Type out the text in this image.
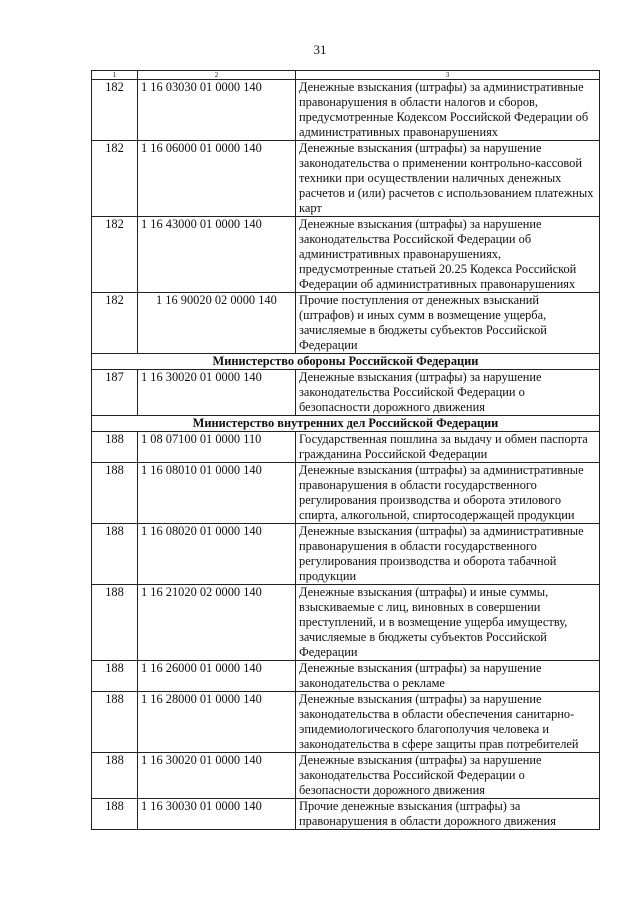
31
1	2	3
182	1 16 03030 01 0000 140	Денежные взыскания (штрафы) за административные правонарушения в области налогов и сборов, предусмотренные Кодексом Российской Федерации об административных правонарушениях
182	1 16 06000 01 0000 140	Денежные взыскания (штрафы) за нарушение законодательства о применении контрольно-кассовой техники при осуществлении наличных денежных расчетов и (или) расчетов с использованием платежных карт
182	1 16 43000 01 0000 140	Денежные взыскания (штрафы) за нарушение законодательства Российской Федерации об административных правонарушениях, предусмотренные статьей 20.25 Кодекса Российской Федерации об административных правонарушениях
182	1 16 90020 02 0000 140	Прочие поступления от денежных взысканий (штрафов) и иных сумм в возмещение ущерба, зачисляемые в бюджеты субъектов Российской Федерации
Министерство обороны Российской Федерации		
187	1 16 30020 01 0000 140	Денежные взыскания (штрафы) за нарушение законодательства Российской Федерации о безопасности дорожного движения
Министерство внутренних дел Российской Федерации		
188	1 08 07100 01 0000 110	Государственная пошлина за выдачу и обмен паспорта гражданина Российской Федерации
188	1 16 08010 01 0000 140	Денежные взыскания (штрафы) за административные правонарушения в области государственного регулирования производства и оборота этилового спирта, алкогольной, спиртосодержащей продукции
188	1 16 08020 01 0000 140	Денежные взыскания (штрафы) за административные правонарушения в области государственного регулирования производства и оборота табачной продукции
188	1 16 21020 02 0000 140	Денежные взыскания (штрафы) и иные суммы, взыскиваемые с лиц, виновных в совершении преступлений, и в возмещение ущерба имуществу, зачисляемые в бюджеты субъектов Российской Федерации
188	1 16 26000 01 0000 140	Денежные взыскания (штрафы) за нарушение законодательства о рекламе
188	1 16 28000 01 0000 140	Денежные взыскания (штрафы) за нарушение законодательства в области обеспечения санитарно-эпидемиологического благополучия человека и законодательства в сфере защиты прав потребителей
188	1 16 30020 01 0000 140	Денежные взыскания (штрафы) за нарушение законодательства Российской Федерации о безопасности дорожного движения
188	1 16 30030 01 0000 140	Прочие денежные взыскания (штрафы) за правонарушения в области дорожного движения
